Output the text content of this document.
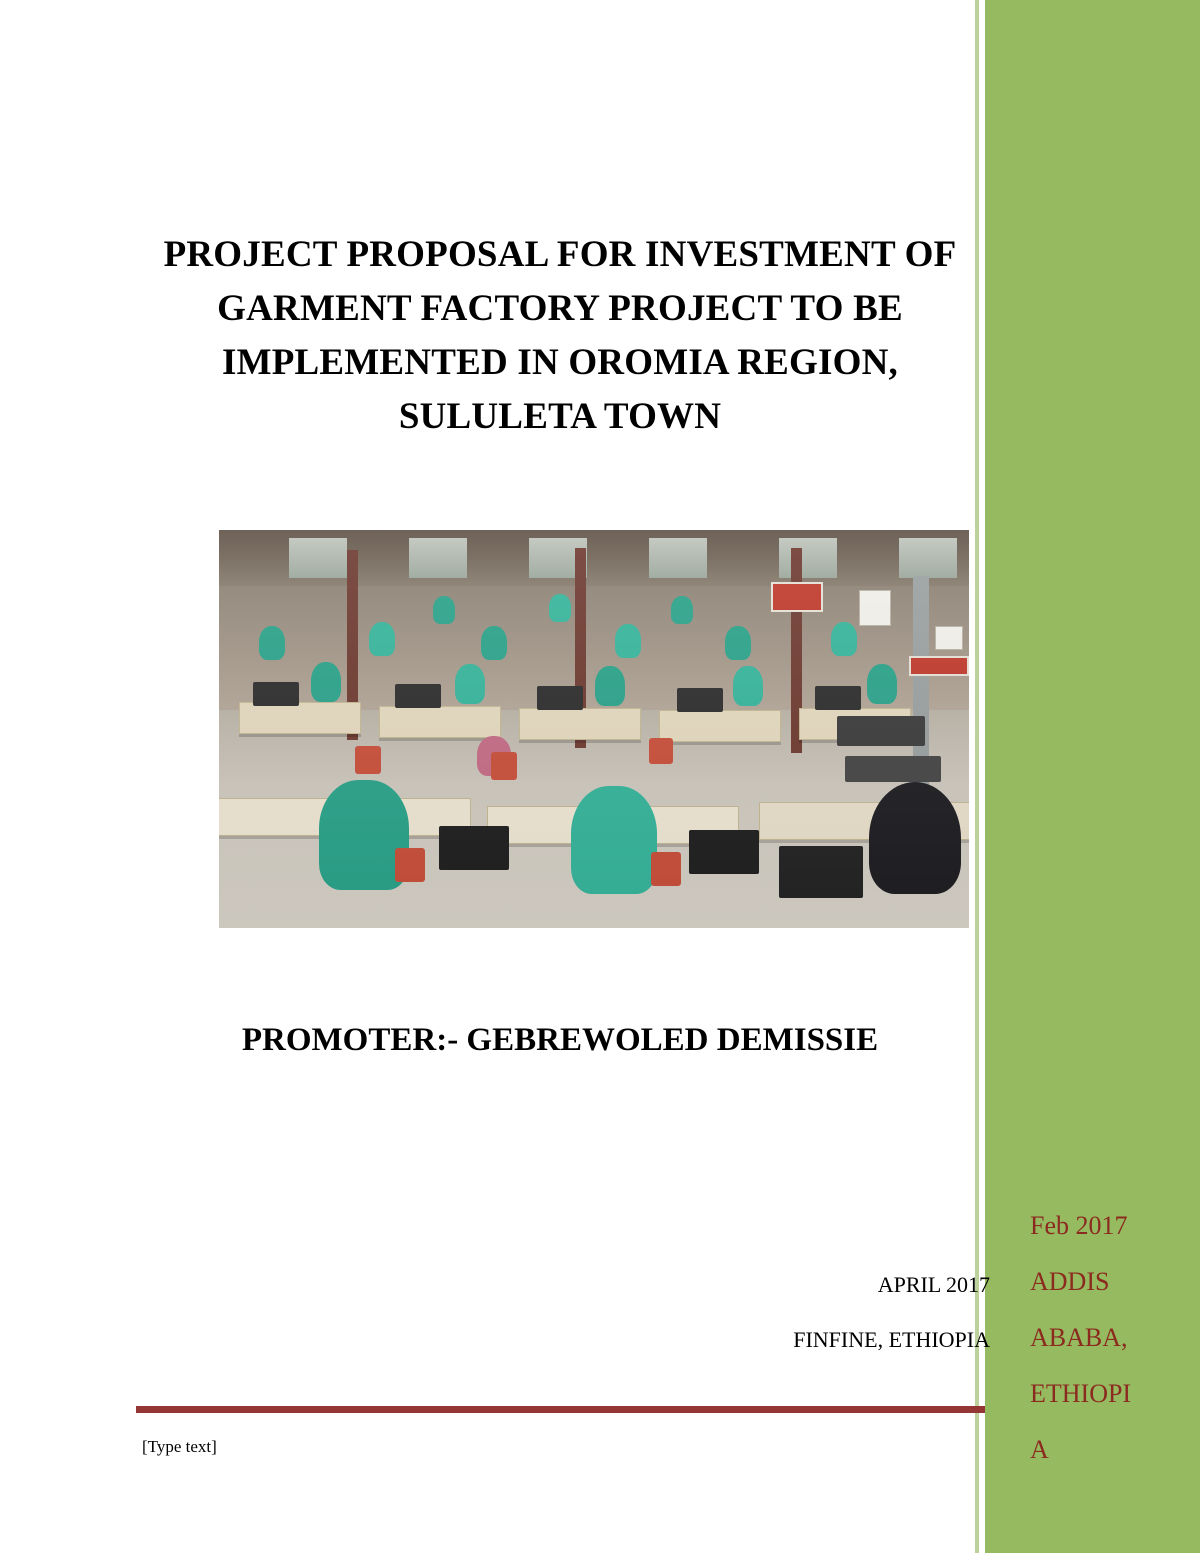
PROJECT PROPOSAL FOR INVESTMENT OF
GARMENT FACTORY PROJECT TO BE
IMPLEMENTED IN OROMIA REGION,
SULULETA TOWN
PROMOTER:- GEBREWOLED DEMISSIE
APRIL 2017
FINFINE, ETHIOPIA
[Type text]
Feb 2017
ADDIS
ABABA,
ETHIOPI
A
